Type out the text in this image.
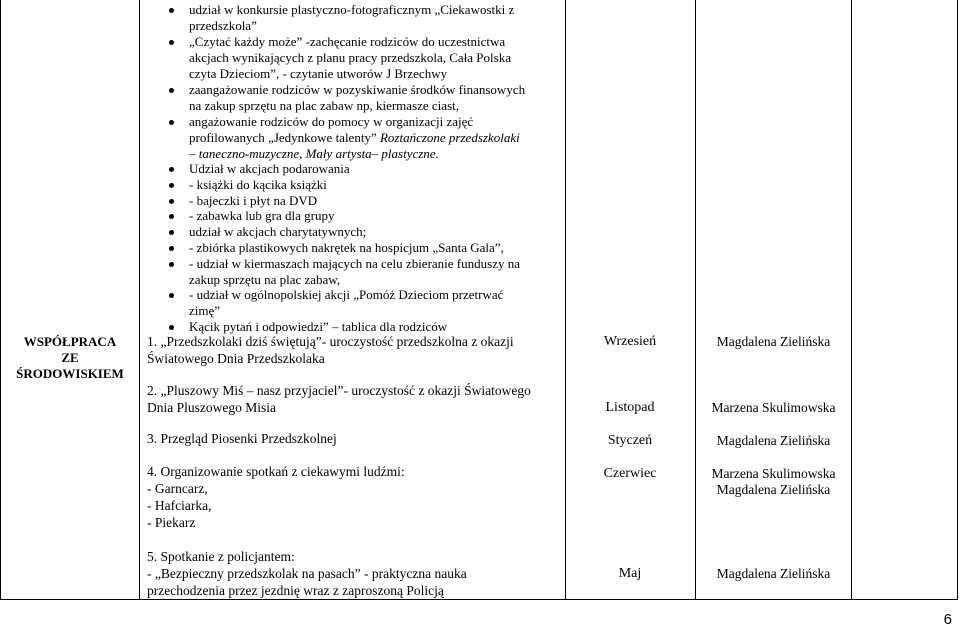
WSPÓŁPRACA
ZE
ŚRODOWISKIEM
udział w konkursie plastyczno-fotograficznym „Ciekawostki z
przedszkola”
„Czytać każdy może” -zachęcanie rodziców do uczestnictwa
akcjach wynikających z planu pracy przedszkola, Cała Polska
czyta Dzieciom”, - czytanie utworów J Brzechwy
zaangażowanie rodziców w pozyskiwanie środków finansowych
na zakup sprzętu na plac zabaw np, kiermasze ciast,
angażowanie rodziców do pomocy w organizacji zajęć
profilowanych „Jedynkowe talenty” Roztańczone przedszkolaki
– taneczno-muzyczne, Mały artysta– plastyczne.
Udział w akcjach podarowania
- książki do kącika książki
- bajeczki i płyt na DVD
- zabawka lub gra dla grupy
udział w akcjach charytatywnych;
- zbiórka plastikowych nakrętek na hospicjum „Santa Gala”,
- udział w kiermaszach mających na celu zbieranie funduszy na
zakup sprzętu na plac zabaw,
- udział w ogólnopolskiej akcji „Pomóż Dzieciom przetrwać
zimę”
Kącik pytań i odpowiedzi” – tablica dla rodziców
1. „Przedszkolaki dziś świętują”- uroczystość przedszkolna z okazji
Światowego Dnia Przedszkolaka
Wrzesień	Magdalena Zielińska
2. „Pluszowy Miś – nasz przyjaciel”- uroczystość z okazji Światowego
Dnia Pluszowego Misia	Listopad	Marzena Skulimowska
3. Przegląd Piosenki Przedszkolnej	Styczeń	Magdalena Zielińska
4. Organizowanie spotkań z ciekawymi ludźmi:
- Garncarz,
- Hafciarka,
- Piekarz
Czerwiec	Marzena Skulimowska
Magdalena Zielińska
5. Spotkanie z policjantem:
- „Bezpieczny przedszkolak na pasach” - praktyczna nauka
przechodzenia przez jezdnię wraz z zaproszoną Policją
Maj	Magdalena Zielińska
6
